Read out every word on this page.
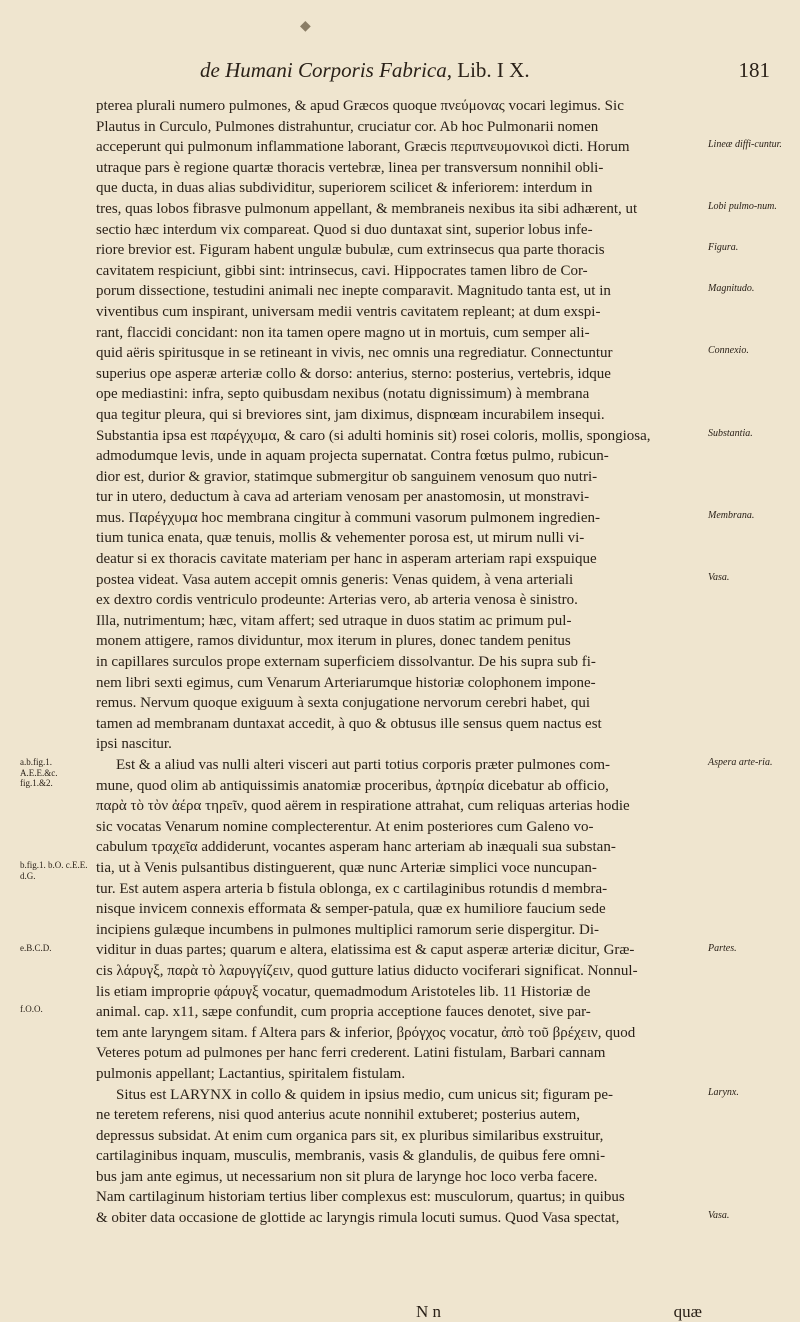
◆
de Humani Corporis Fabrica, Lib. I X.	181
pterea plurali numero pulmones, & apud Græcos quoque πνεύμονας vocari legimus. Sic
Plautus in Curculo, Pulmones distrahuntur, cruciatur cor. Ab hoc Pulmonarii nomen
acceperunt qui pulmonum inflammatione laborant, Græcis περιπνευμονικοὶ dicti. Horum
utraque pars è regione quartæ thoracis vertebræ, linea per transversum nonnihil obli-
que ducta, in duas alias subdividitur, superiorem scilicet & inferiorem: interdum in
tres, quas lobos fibrasve pulmonum appellant, & membraneis nexibus ita sibi adhærent, ut
sectio hæc interdum vix compareat. Quod si duo duntaxat sint, superior lobus infe-
riore brevior est. Figuram habent ungulæ bubulæ, cum extrinsecus qua parte thoracis
cavitatem respiciunt, gibbi sint: intrinsecus, cavi. Hippocrates tamen libro de Cor-
porum dissectione, testudini animali nec inepte comparavit. Magnitudo tanta est, ut in
viventibus cum inspirant, universam medii ventris cavitatem repleant; at dum exspi-
rant, flaccidi concidant: non ita tamen opere magno ut in mortuis, cum semper ali-
quid aëris spiritusque in se retineant in vivis, nec omnis una regrediatur. Connectuntur
superius ope asperæ arteriæ collo & dorso: anterius, sterno: posterius, vertebris, idque
ope mediastini: infra, septo quibusdam nexibus (notatu dignissimum) à membrana
qua tegitur pleura, qui si breviores sint, jam diximus, dispnœam incurabilem insequi.
Substantia ipsa est παρέγχυμα, & caro (si adulti hominis sit) rosei coloris, mollis, spongiosa,
admodumque levis, unde in aquam projecta supernatat. Contra fœtus pulmo, rubicun-
dior est, durior & gravior, statimque submergitur ob sanguinem venosum quo nutri-
tur in utero, deductum à cava ad arteriam venosam per anastomosin, ut monstravi-
mus. Παρέγχυμα hoc membrana cingitur à communi vasorum pulmonem ingredien-
tium tunica enata, quæ tenuis, mollis & vehementer porosa est, ut mirum nulli vi-
deatur si ex thoracis cavitate materiam per hanc in asperam arteriam rapi exspuique
postea videat. Vasa autem accepit omnis generis: Venas quidem, à vena arteriali
ex dextro cordis ventriculo prodeunte: Arterias vero, ab arteria venosa è sinistro.
Illa, nutrimentum; hæc, vitam affert; sed utraque in duos statim ac primum pul-
monem attigere, ramos dividuntur, mox iterum in plures, donec tandem penitus
in capillares surculos prope externam superficiem dissolvantur. De his supra sub fi-
nem libri sexti egimus, cum Venarum Arteriarumque historiæ colophonem impone-
remus. Nervum quoque exiguum à sexta conjugatione nervorum cerebri habet, qui
tamen ad membranam duntaxat accedit, à quo & obtusus ille sensus quem nactus est
ipsi nascitur.
Est & a aliud vas nulli alteri visceri aut parti totius corporis præter pulmones com-
mune, quod olim ab antiquissimis anatomiæ proceribus, ἀρτηρία dicebatur ab officio,
παρὰ τὸ τὸν ἀέρα τηρεῖν, quod aërem in respiratione attrahat, cum reliquas arterias hodie
sic vocatas Venarum nomine complecterentur. At enim posteriores cum Galeno vo-
cabulum τραχεῖα addiderunt, vocantes asperam hanc arteriam ab inæquali sua substan-
tia, ut à Venis pulsantibus distinguerent, quæ nunc Arteriæ simplici voce nuncupan-
tur. Est autem aspera arteria b fistula oblonga, ex c cartilaginibus rotundis d membra-
nisque invicem connexis efformata & semper-patula, quæ ex humiliore faucium sede
incipiens gulæque incumbens in pulmones multiplici ramorum serie dispergitur. Di-
viditur in duas partes; quarum e altera, elatissima est & caput asperæ arteriæ dicitur, Græ-
cis λάρυγξ, παρὰ τὸ λαρυγγίζειν, quod gutture latius diducto vociferari significat. Nonnul-
lis etiam improprie φάρυγξ vocatur, quemadmodum Aristoteles lib. 11 Historiæ de
animal. cap. x11, sæpe confundit, cum propria acceptione fauces denotet, sive par-
tem ante laryngem sitam. f Altera pars & inferior, βρόγχος vocatur, ἀπὸ τοῦ βρέχειν, quod
Veteres potum ad pulmones per hanc ferri crederent. Latini fistulam, Barbari cannam
pulmonis appellant; Lactantius, spiritalem fistulam.
Situs est LARYNX in collo & quidem in ipsius medio, cum unicus sit; figuram pe-
ne teretem referens, nisi quod anterius acute nonnihil extuberet; posterius autem,
depressus subsidat. At enim cum organica pars sit, ex pluribus similaribus exstruitur,
cartilaginibus inquam, musculis, membranis, vasis & glandulis, de quibus fere omni-
bus jam ante egimus, ut necessarium non sit plura de larynge hoc loco verba facere.
Nam cartilaginum historiam tertius liber complexus est: musculorum, quartus; in quibus
& obiter data occasione de glottide ac laryngis rimula locuti sumus. Quod Vasa spectat,
Lineæ diffi-cuntur.
Lobi pulmo-num.
Figura.
Magnitudo.
Connexio.
Substantia.
Membrana.
Vasa.
Aspera arte-ria.
Partes.
Larynx.
Vasa.
a.b.fig.1. A.E.E.&c.
fig.1.&2.
b.fig.1. b.O. c.E.E. d.G.
e.B.C.D.
f.O.O.
N n	quæ
